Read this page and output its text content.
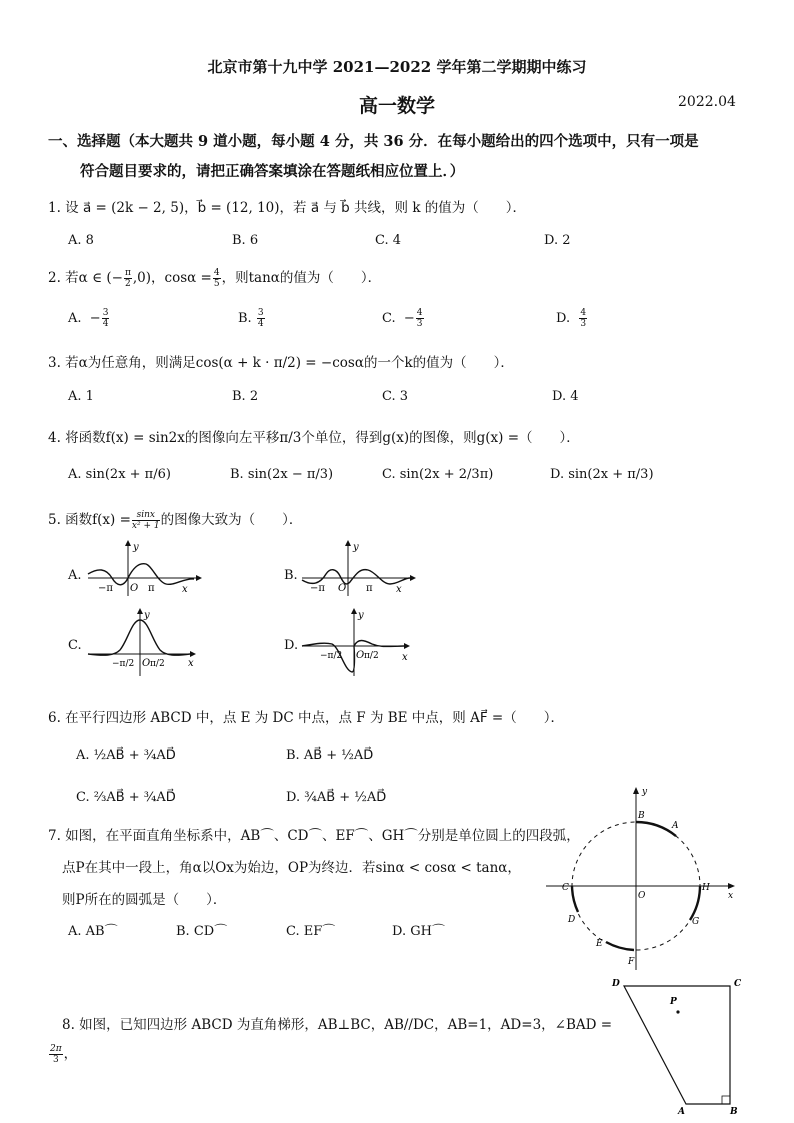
北京市第十九中学 2021—2022 学年第二学期期中练习
高一数学	2022.04
一、选择题（本大题共 9 道小题，每小题 4 分，共 36 分．在每小题给出的四个选项中，只有一项是
符合题目要求的，请把正确答案填涂在答题纸相应位置上．）
1. 设 a⃗ = (2k − 2, 5)，b⃗ = (12, 10)，若 a⃗ 与 b⃗ 共线，则 k 的值为（　　）．
A. 8	B. 6	C. 4	D. 2
2. 若α ∈ (− $\frac{\pi}{2} ,0$)，$\cos\alpha = \frac{4}{5}$ ，则tanα的值为（　　）．
A. − $\frac{3}{4}$	B. $\frac{3}{4}$	C. − $\frac{4}{3}$	D. $\frac{4}{3}$
3. 若α为任意角，则满足cos(α + k · π/2) = −cosα的一个k的值为（　　）．
A. 1	B. 2	C. 3	D. 4
4. 将函数f(x) = sin2x的图像向左平移π/3个单位，得到g(x)的图像，则g(x) =（　　）．
A. sin(2x + π/6)	B. sin(2x − π/3)	C. sin(2x + 2/3π)	D. sin(2x + π/3)
5. 函数$f(x) = \frac{\sin x}{\text{x² + 1}}$ 的图像大致为（　　）．
A.
y
x
O
−π	π
B.
y
x
O
−π	π
C.
y
x
O
−π/2 π/2
D.
y
x
O
−π/2 π/2
6. 在平行四边形 ABCD 中，点 E 为 DC 中点，点 F 为 BE 中点，则 AF⃗ =（　　）．
A. ½AB⃗ + ¾AD⃗	B. AB⃗ + ½AD⃗
C. ⅔AB⃗ + ¾AD⃗	D. ¾AB⃗ + ½AD⃗
7. 如图，在平面直角坐标系中，AB⌒、CD⌒、EF⌒、GH⌒分别是单位圆上的四段弧，
点P在其中一段上，角α以Ox为始边，OP为终边．若sinα < cosα < tanα，
则P所在的圆弧是（　　）．
A. AB⌒	B. CD⌒	C. EF⌒	D. GH⌒
y
x
O
B
A
C
D
E
F
G
H
8. 如图，已知四边形 ABCD 为直角梯形，AB⊥BC，AB//DC，AB=1，AD=3，∠BAD =
$\frac{2\pi}{3}$ ，
D	C
P
A	B
